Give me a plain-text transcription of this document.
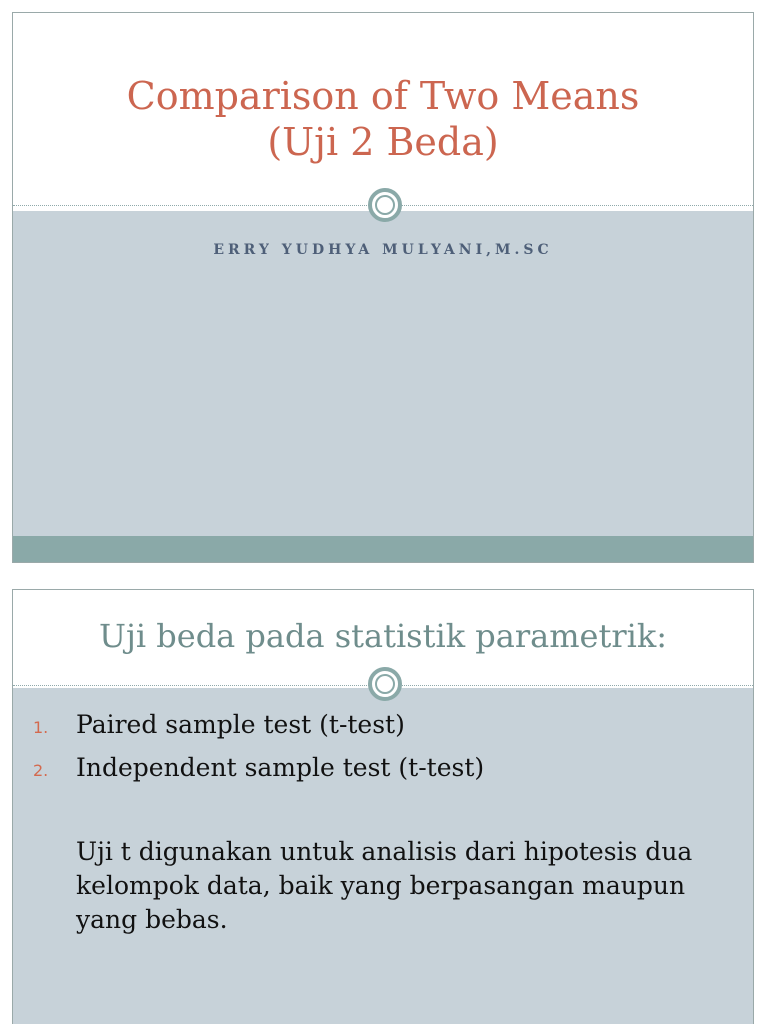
Comparison of Two Means
(Uji 2 Beda)
ERRY YUDHYA MULYANI,M.SC
Uji beda pada statistik parametrik:
1. Paired sample test (t-test)
2. Independent sample test (t-test)
Uji t digunakan untuk analisis dari hipotesis dua kelompok data, baik yang berpasangan maupun yang bebas.
